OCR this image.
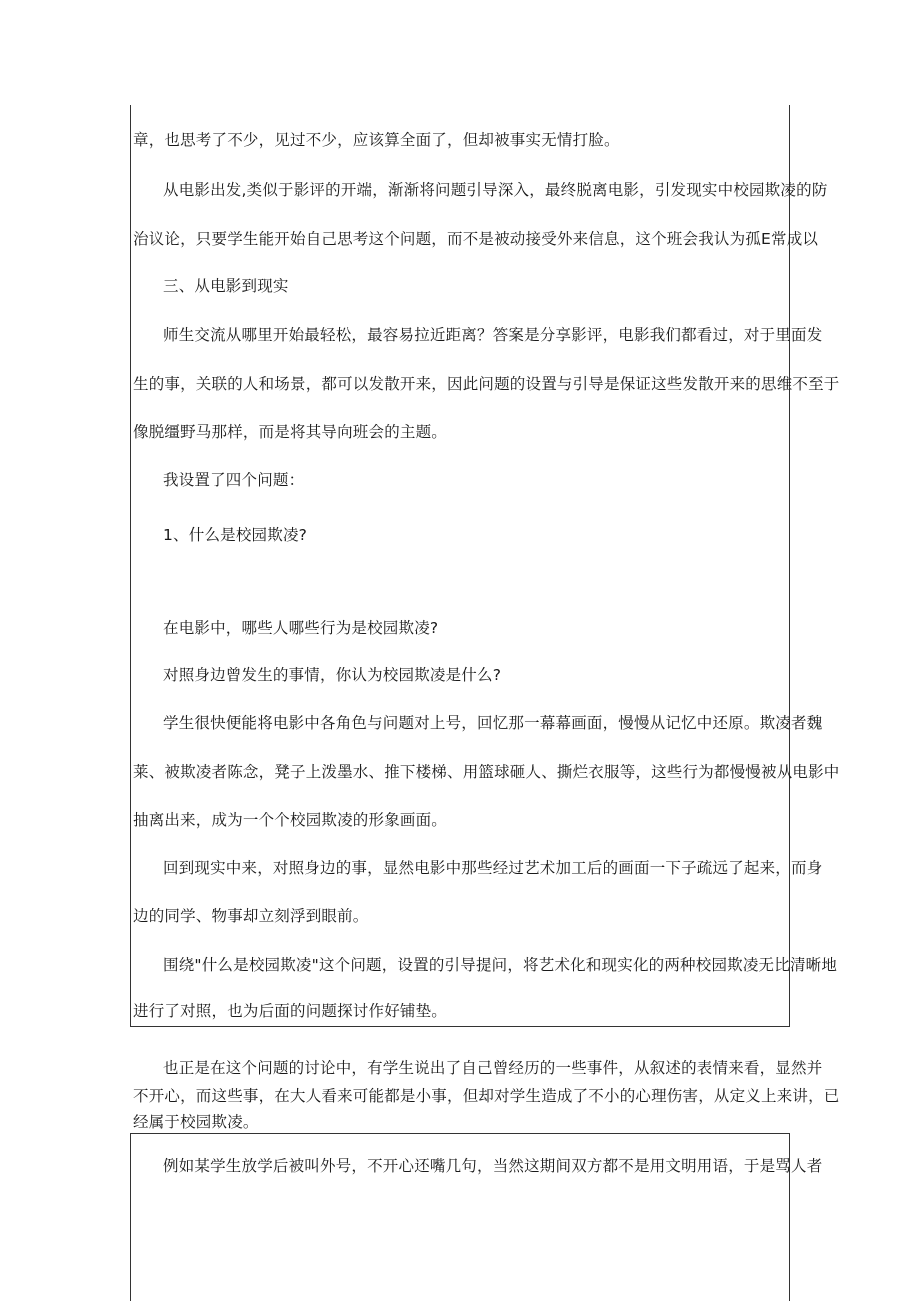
章，也思考了不少，见过不少，应该算全面了，但却被事实无情打脸。
从电影出发,类似于影评的开端，渐渐将问题引导深入，最终脱离电影，引发现实中校园欺凌的防
治议论，只要学生能开始自己思考这个问题，而不是被动接受外来信息，这个班会我认为孤E常成以
三、从电影到现实
师生交流从哪里开始最轻松，最容易拉近距离？答案是分享影评，电影我们都看过，对于里面发
生的事，关联的人和场景，都可以发散开来，因此问题的设置与引导是保证这些发散开来的思维不至于
像脱缰野马那样，而是将其导向班会的主题。
我设置了四个问题：
1、什么是校园欺凌?
在电影中，哪些人哪些行为是校园欺凌?
对照身边曾发生的事情，你认为校园欺凌是什么?
学生很快便能将电影中各角色与问题对上号，回忆那一幕幕画面，慢慢从记忆中还原。欺凌者魏
莱、被欺凌者陈念，凳子上泼墨水、推下楼梯、用篮球砸人、撕烂衣服等，这些行为都慢慢被从电影中
抽离出来，成为一个个校园欺凌的形象画面。
回到现实中来，对照身边的事，显然电影中那些经过艺术加工后的画面一下子疏远了起来，而身
边的同学、物事却立刻浮到眼前。
围绕"什么是校园欺凌"这个问题，设置的引导提问，将艺术化和现实化的两种校园欺凌无比清晰地
进行了对照，也为后面的问题探讨作好铺垫。
也正是在这个问题的讨论中，有学生说出了自己曾经历的一些事件，从叙述的表情来看，显然并
不开心，而这些事，在大人看来可能都是小事，但却对学生造成了不小的心理伤害，从定义上来讲，已
经属于校园欺凌。
例如某学生放学后被叫外号，不开心还嘴几句，当然这期间双方都不是用文明用语，于是骂人者
